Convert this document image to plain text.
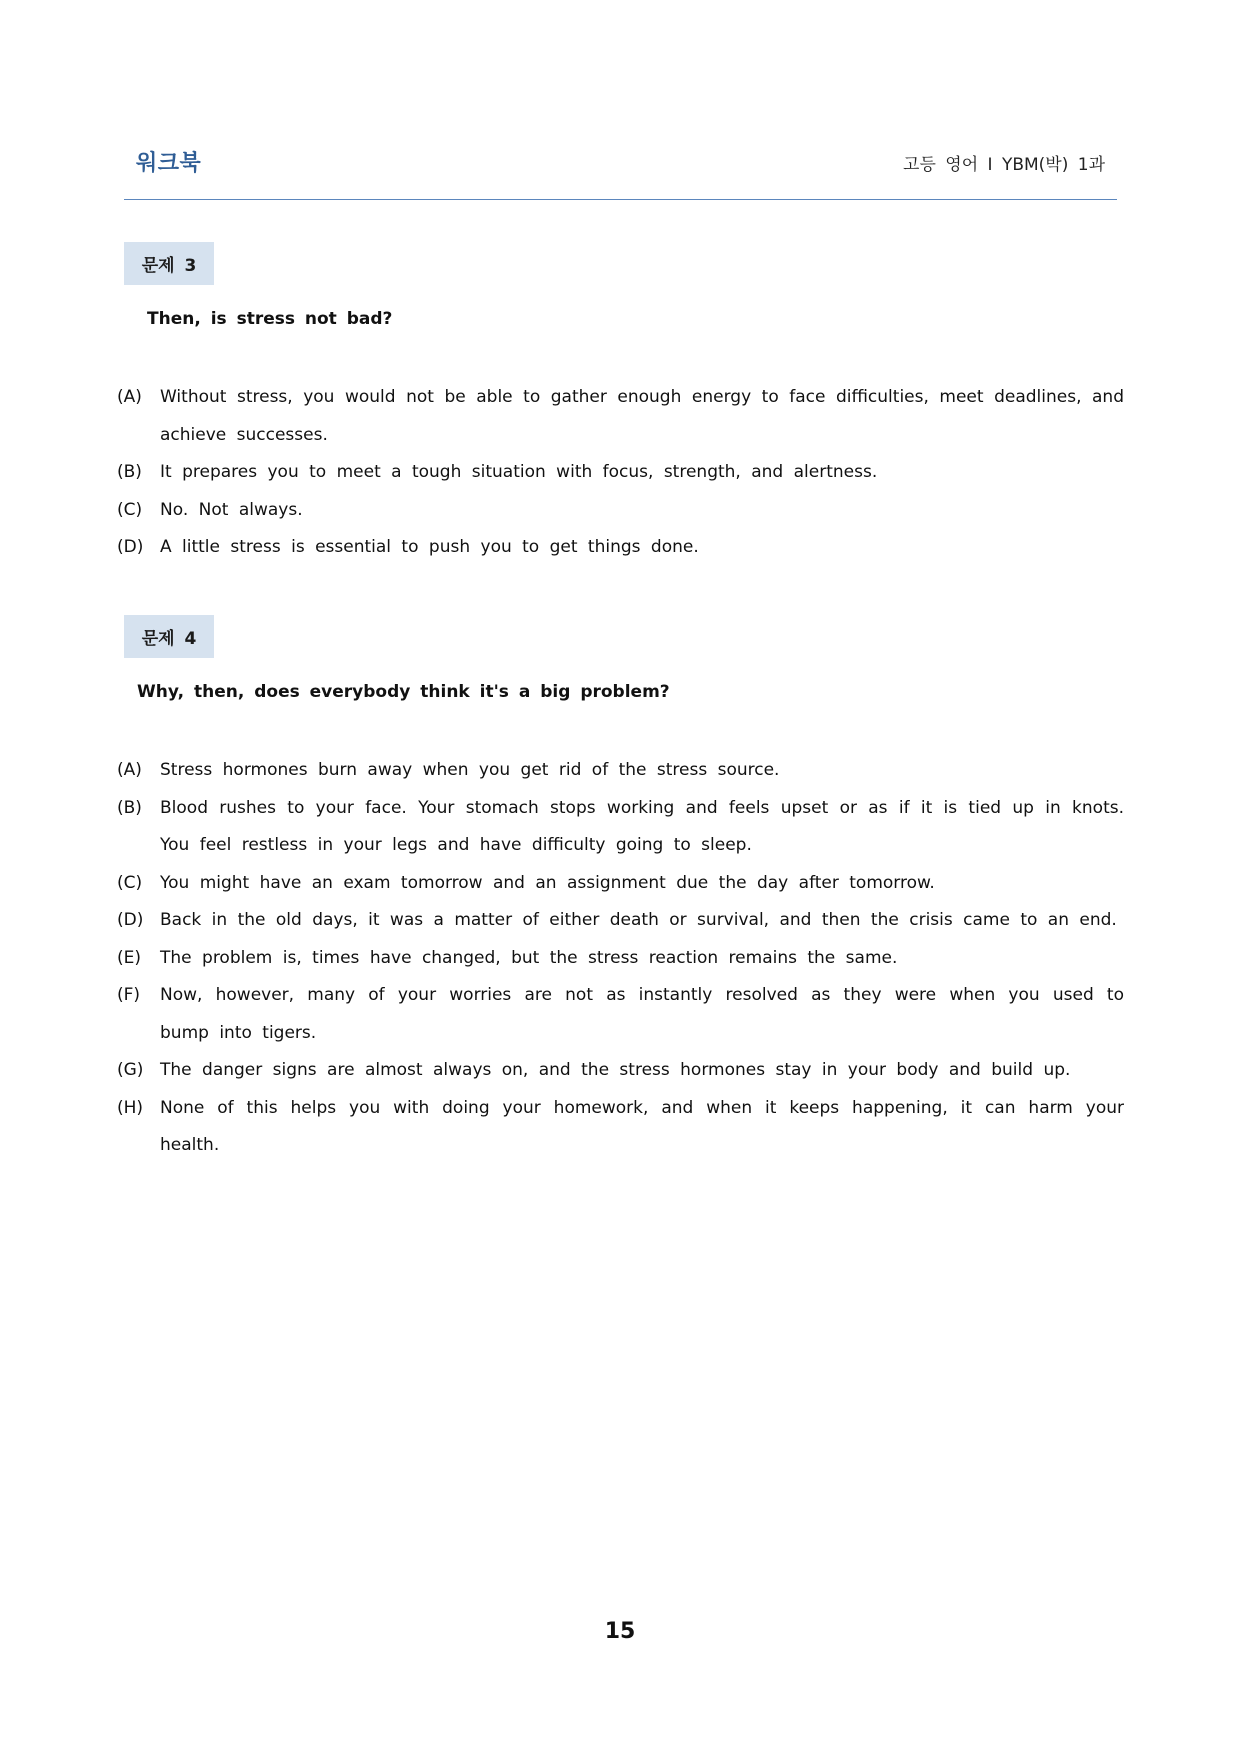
워크북	고등 영어 I YBM(박) 1과
문제 3
Then, is stress not bad?
(A) Without stress, you would not be able to gather enough energy to face difficulties, meet deadlines, and achieve successes.
(B) It prepares you to meet a tough situation with focus, strength, and alertness.
(C) No. Not always.
(D) A little stress is essential to push you to get things done.
문제 4
Why, then, does everybody think it's a big problem?
(A) Stress hormones burn away when you get rid of the stress source.
(B) Blood rushes to your face. Your stomach stops working and feels upset or as if it is tied up in knots. You feel restless in your legs and have difficulty going to sleep.
(C) You might have an exam tomorrow and an assignment due the day after tomorrow.
(D) Back in the old days, it was a matter of either death or survival, and then the crisis came to an end.
(E) The problem is, times have changed, but the stress reaction remains the same.
(F) Now, however, many of your worries are not as instantly resolved as they were when you used to bump into tigers.
(G) The danger signs are almost always on, and the stress hormones stay in your body and build up.
(H) None of this helps you with doing your homework, and when it keeps happening, it can harm your health.
15
